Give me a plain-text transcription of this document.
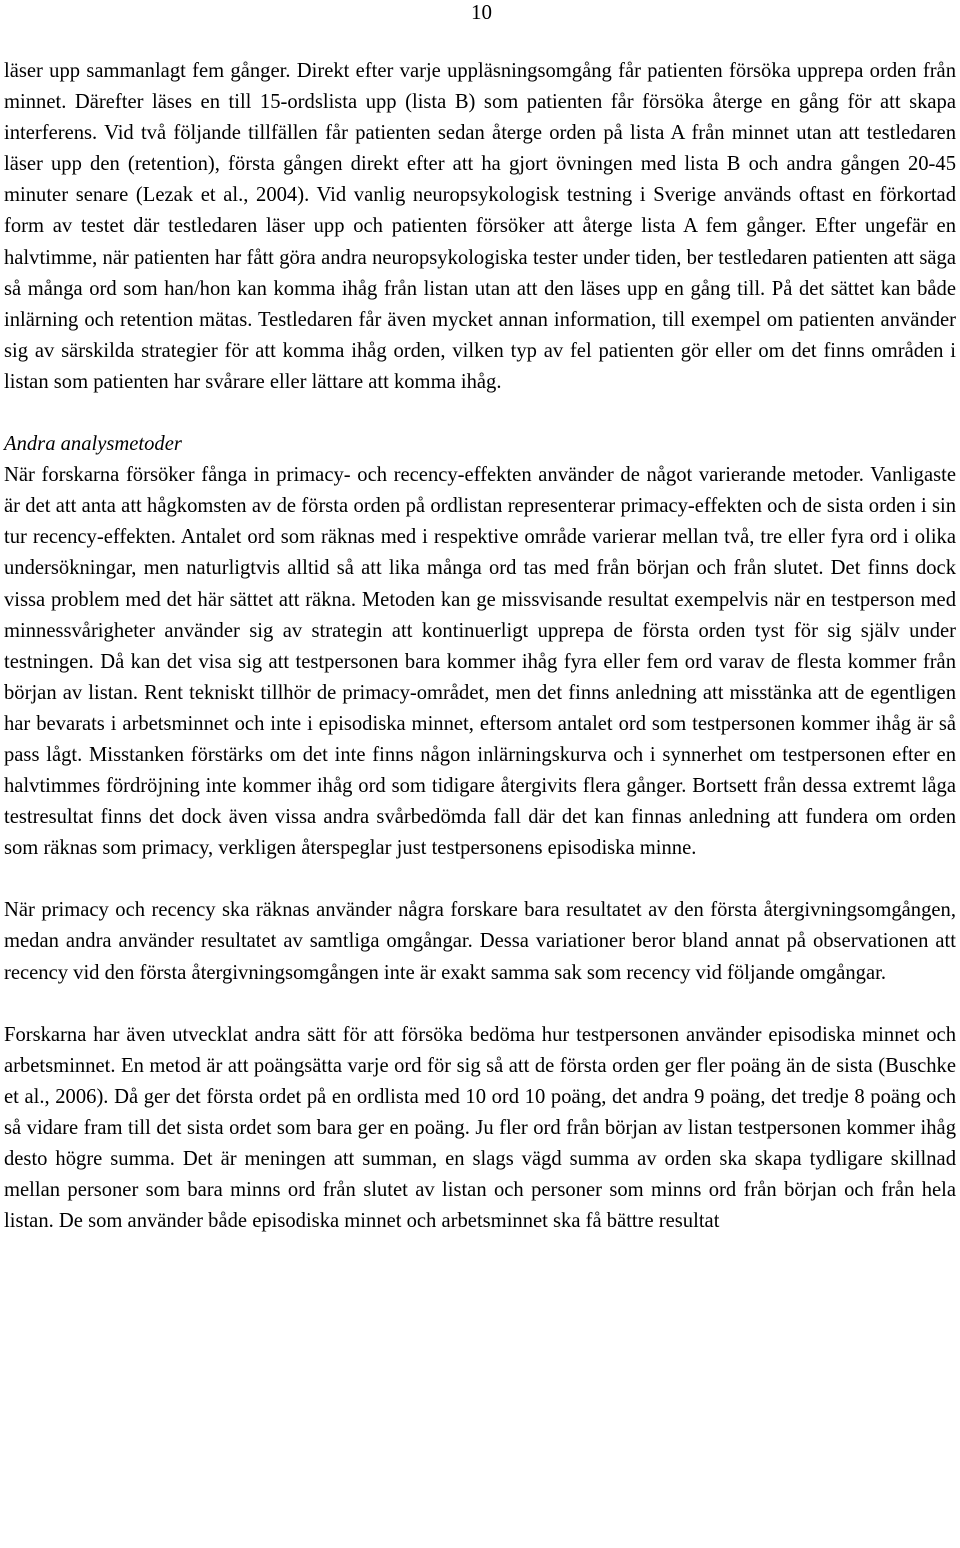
10

läser upp sammanlagt fem gånger. Direkt efter varje uppläsningsomgång får patienten försöka upprepa orden från minnet. Därefter läses en till 15-ordslista upp (lista B) som patienten får försöka återge en gång för att skapa interferens. Vid två följande tillfällen får patienten sedan återge orden på lista A från minnet utan att testledaren läser upp den (retention), första gången direkt efter att ha gjort övningen med lista B och andra gången 20-45 minuter senare (Lezak et al., 2004). Vid vanlig neuropsykologisk testning i Sverige används oftast en förkortad form av testet där testledaren läser upp och patienten försöker att återge lista A fem gånger. Efter ungefär en halvtimme, när patienten har fått göra andra neuropsykologiska tester under tiden, ber testledaren patienten att säga så många ord som han/hon kan komma ihåg från listan utan att den läses upp en gång till. På det sättet kan både inlärning och retention mätas. Testledaren får även mycket annan information, till exempel om patienten använder sig av särskilda strategier för att komma ihåg orden, vilken typ av fel patienten gör eller om det finns områden i listan som patienten har svårare eller lättare att komma ihåg.

Andra analysmetoder

När forskarna försöker fånga in primacy- och recency-effekten använder de något varierande metoder. Vanligaste är det att anta att hågkomsten av de första orden på ordlistan representerar primacy-effekten och de sista orden i sin tur recency-effekten. Antalet ord som räknas med i respektive område varierar mellan två, tre eller fyra ord i olika undersökningar, men naturligtvis alltid så att lika många ord tas med från början och från slutet. Det finns dock vissa problem med det här sättet att räkna. Metoden kan ge missvisande resultat exempelvis när en testperson med minnessvårigheter använder sig av strategin att kontinuerligt upprepa de första orden tyst för sig själv under testningen. Då kan det visa sig att testpersonen bara kommer ihåg fyra eller fem ord varav de flesta kommer från början av listan. Rent tekniskt tillhör de primacy-området, men det finns anledning att misstänka att de egentligen har bevarats i arbetsminnet och inte i episodiska minnet, eftersom antalet ord som testpersonen kommer ihåg är så pass lågt. Misstanken förstärks om det inte finns någon inlärningskurva och i synnerhet om testpersonen efter en halvtimmes fördröjning inte kommer ihåg ord som tidigare återgivits flera gånger. Bortsett från dessa extremt låga testresultat finns det dock även vissa andra svårbedömda fall där det kan finnas anledning att fundera om orden som räknas som primacy, verkligen återspeglar just testpersonens episodiska minne.

När primacy och recency ska räknas använder några forskare bara resultatet av den första återgivningsomgången, medan andra använder resultatet av samtliga omgångar. Dessa variationer beror bland annat på observationen att recency vid den första återgivningsomgången inte är exakt samma sak som recency vid följande omgångar.

Forskarna har även utvecklat andra sätt för att försöka bedöma hur testpersonen använder episodiska minnet och arbetsminnet. En metod är att poängsätta varje ord för sig så att de första orden ger fler poäng än de sista (Buschke et al., 2006). Då ger det första ordet på en ordlista med 10 ord 10 poäng, det andra 9 poäng, det tredje 8 poäng och så vidare fram till det sista ordet som bara ger en poäng. Ju fler ord från början av listan testpersonen kommer ihåg desto högre summa. Det är meningen att summan, en slags vägd summa av orden ska skapa tydligare skillnad mellan personer som bara minns ord från slutet av listan och personer som minns ord från början och från hela listan. De som använder både episodiska minnet och arbetsminnet ska få bättre resultat
